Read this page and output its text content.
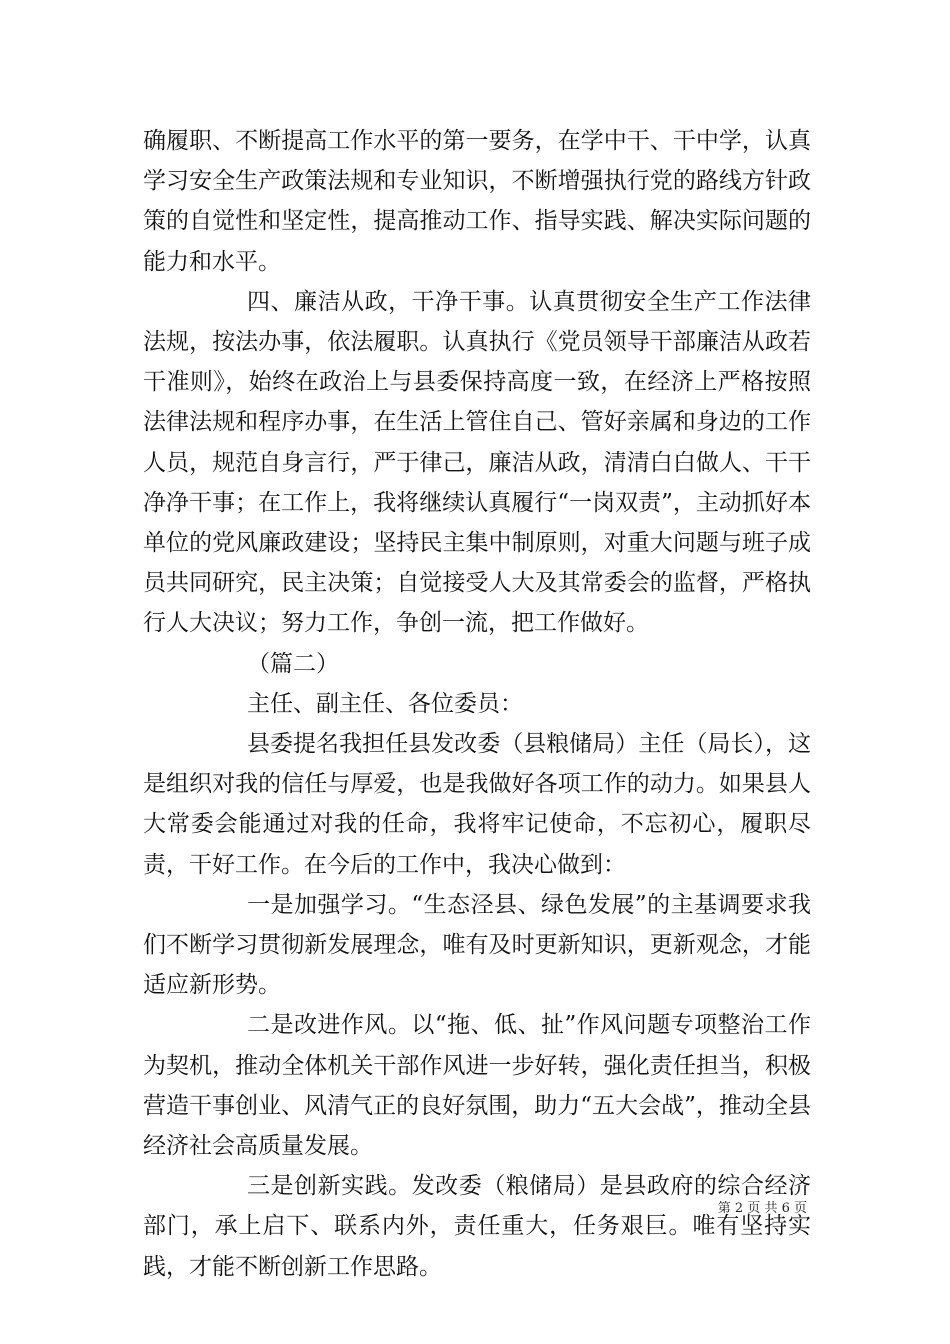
确履职、不断提高工作水平的第一要务，在学中干、干中学，认真学习安全生产政策法规和专业知识，不断增强执行党的路线方针政策的自觉性和坚定性，提高推动工作、指导实践、解决实际问题的能力和水平。

四、廉洁从政，干净干事。认真贯彻安全生产工作法律法规，按法办事，依法履职。认真执行《党员领导干部廉洁从政若干准则》，始终在政治上与县委保持高度一致，在经济上严格按照法律法规和程序办事，在生活上管住自己、管好亲属和身边的工作人员，规范自身言行，严于律己，廉洁从政，清清白白做人、干干净净干事；在工作上，我将继续认真履行“一岗双责”，主动抓好本单位的党风廉政建设；坚持民主集中制原则，对重大问题与班子成员共同研究，民主决策；自觉接受人大及其常委会的监督，严格执行人大决议；努力工作，争创一流，把工作做好。

（篇二）

主任、副主任、各位委员：

县委提名我担任县发改委（县粮储局）主任（局长），这是组织对我的信任与厚爱，也是我做好各项工作的动力。如果县人大常委会能通过对我的任命，我将牢记使命，不忘初心，履职尽责，干好工作。在今后的工作中，我决心做到：

一是加强学习。“生态泾县、绿色发展”的主基调要求我们不断学习贯彻新发展理念，唯有及时更新知识，更新观念，才能适应新形势。

二是改进作风。以“拖、低、扯”作风问题专项整治工作为契机，推动全体机关干部作风进一步好转，强化责任担当，积极营造干事创业、风清气正的良好氛围，助力“五大会战”，推动全县经济社会高质量发展。

三是创新实践。发改委（粮储局）是县政府的综合经济部门，承上启下、联系内外，责任重大，任务艰巨。唯有坚持实践，才能不断创新工作思路。

第 2 页 共 6 页
